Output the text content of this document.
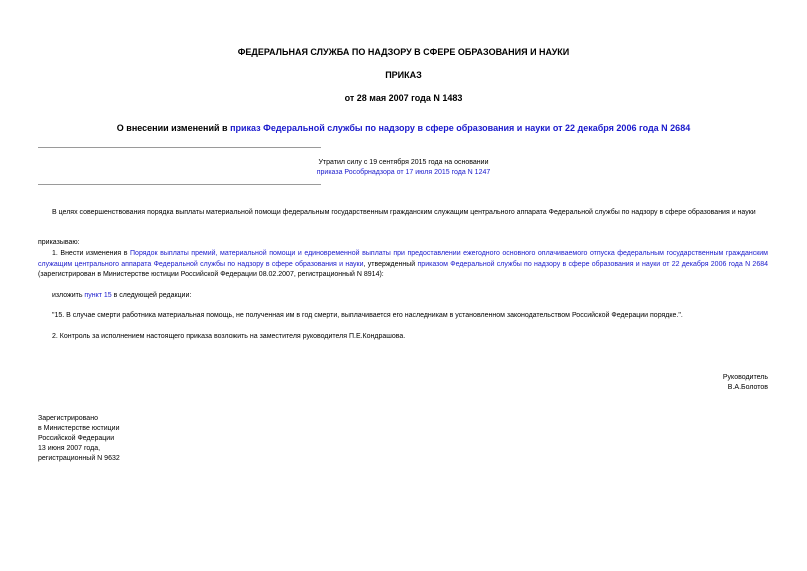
ФЕДЕРАЛЬНАЯ СЛУЖБА ПО НАДЗОРУ В СФЕРЕ ОБРАЗОВАНИЯ И НАУКИ
ПРИКАЗ
от 28 мая 2007 года N 1483
О внесении изменений в приказ Федеральной службы по надзору в сфере образования и науки от 22 декабря 2006 года N 2684
Утратил силу с 19 сентября 2015 года на основании
приказа Рособрнадзора от 17 июля 2015 года N 1247
В целях совершенствования порядка выплаты материальной помощи федеральным государственным гражданским служащим центрального аппарата Федеральной службы по надзору в сфере образования и науки
приказываю:
1. Внести изменения в Порядок выплаты премий, материальной помощи и единовременной выплаты при предоставлении ежегодного основного оплачиваемого отпуска федеральным государственным гражданским служащим центрального аппарата Федеральной службы по надзору в сфере образования и науки, утвержденный приказом Федеральной службы по надзору в сфере образования и науки от 22 декабря 2006 года N 2684 (зарегистрирован в Министерстве юстиции Российской Федерации 08.02.2007, регистрационный N 8914):
изложить пункт 15 в следующей редакции:
"15. В случае смерти работника материальная помощь, не полученная им в год смерти, выплачивается его наследникам в установленном законодательством Российской Федерации порядке.".
2. Контроль за исполнением настоящего приказа возложить на заместителя руководителя П.Е.Кондрашова.
Руководитель
В.А.Болотов
Зарегистрировано
в Министерстве юстиции
Российской Федерации
13 июня 2007 года,
регистрационный N 9632
